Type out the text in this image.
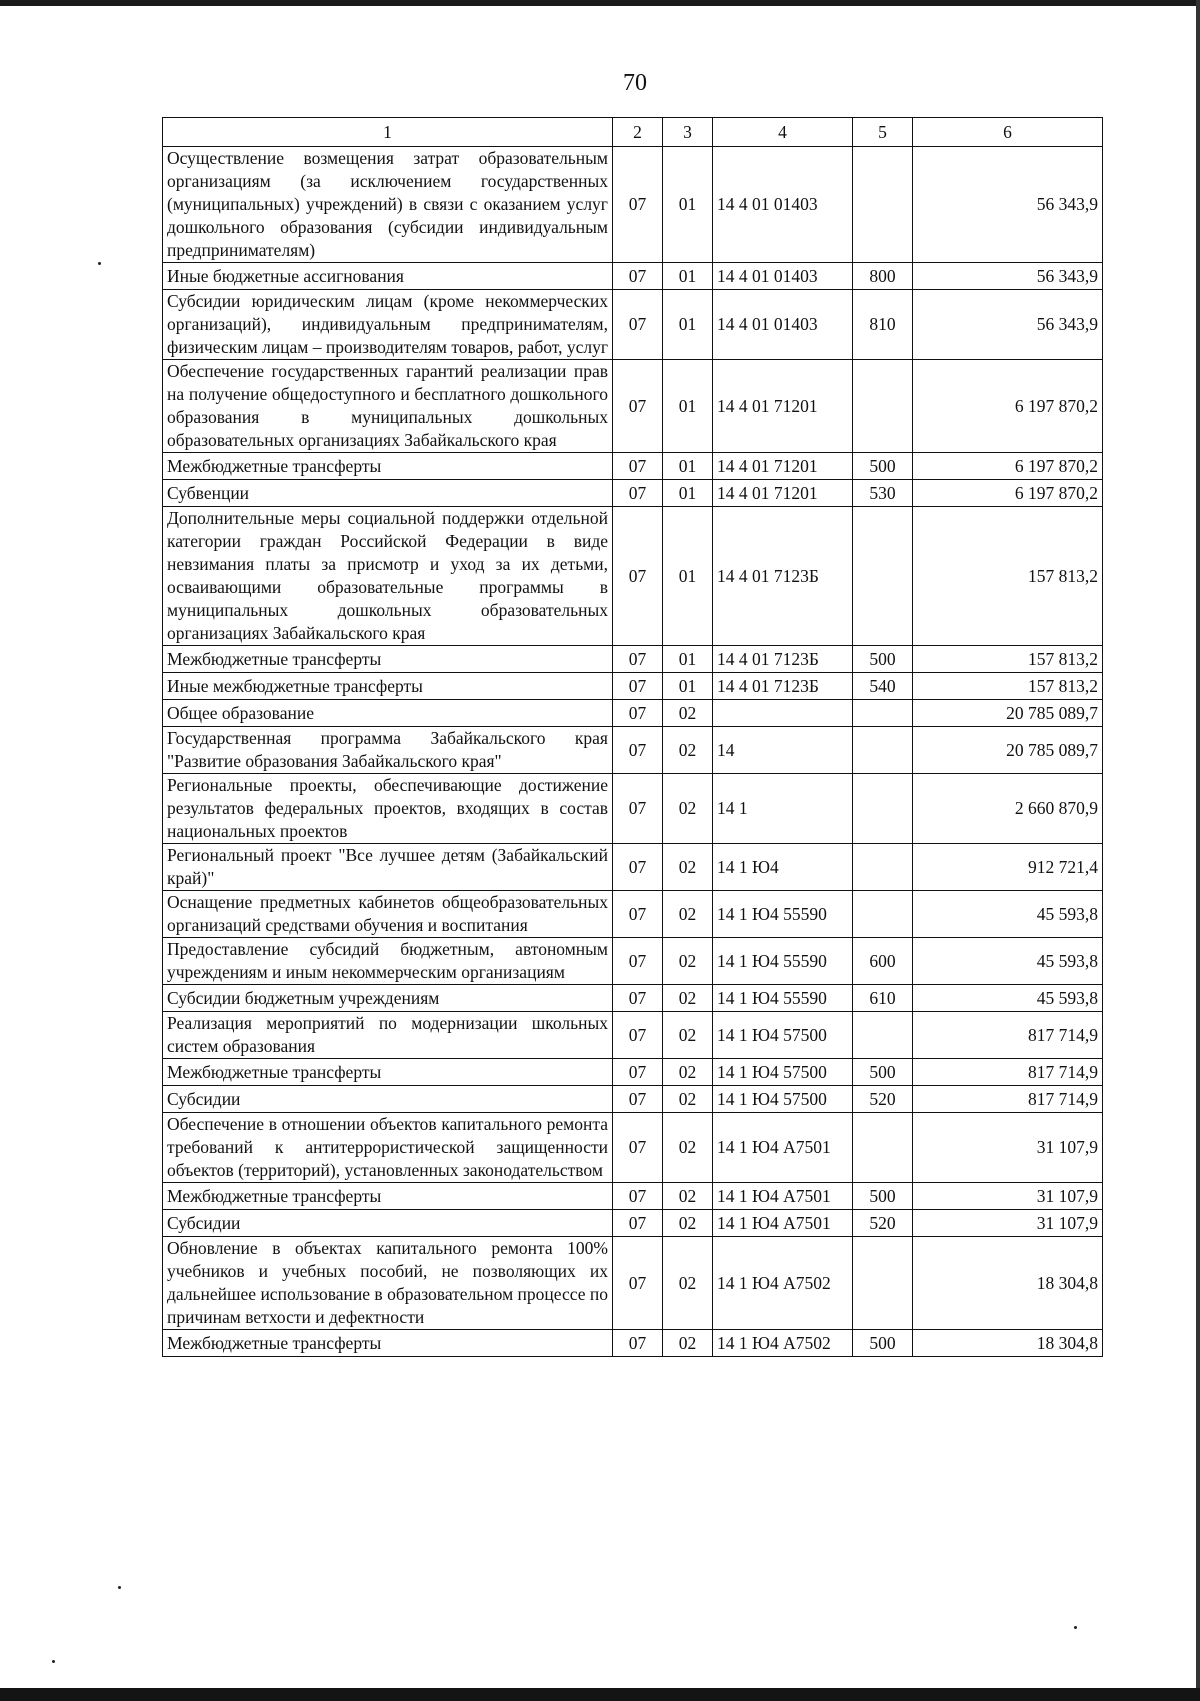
70
1	2	3	4	5	6
Осуществление возмещения затрат образовательным организациям (за исключением государственных (муниципальных) учреждений) в связи с оказанием услуг дошкольного образования (субсидии индивидуальным предпринимателям)	07	01	14 4 01 01403		56 343,9
Иные бюджетные ассигнования	07	01	14 4 01 01403	800	56 343,9
Субсидии юридическим лицам (кроме некоммерческих организаций), индивидуальным предпринимателям, физическим лицам – производителям товаров, работ, услуг	07	01	14 4 01 01403	810	56 343,9
Обеспечение государственных гарантий реализации прав на получение общедоступного и бесплатного дошкольного образования в муниципальных дошкольных образовательных организациях Забайкальского края	07	01	14 4 01 71201		6 197 870,2
Межбюджетные трансферты	07	01	14 4 01 71201	500	6 197 870,2
Субвенции	07	01	14 4 01 71201	530	6 197 870,2
Дополнительные меры социальной поддержки отдельной категории граждан Российской Федерации в виде невзимания платы за присмотр и уход за их детьми, осваивающими образовательные программы в муниципальных дошкольных образовательных организациях Забайкальского края	07	01	14 4 01 7123Б		157 813,2
Межбюджетные трансферты	07	01	14 4 01 7123Б	500	157 813,2
Иные межбюджетные трансферты	07	01	14 4 01 7123Б	540	157 813,2
Общее образование	07	02			20 785 089,7
Государственная программа Забайкальского края "Развитие образования Забайкальского края"	07	02	14		20 785 089,7
Региональные проекты, обеспечивающие достижение результатов федеральных проектов, входящих в состав национальных проектов	07	02	14 1		2 660 870,9
Региональный проект "Все лучшее детям (Забайкальский край)"	07	02	14 1 Ю4		912 721,4
Оснащение предметных кабинетов общеобразовательных организаций средствами обучения и воспитания	07	02	14 1 Ю4 55590		45 593,8
Предоставление субсидий бюджетным, автономным учреждениям и иным некоммерческим организациям	07	02	14 1 Ю4 55590	600	45 593,8
Субсидии бюджетным учреждениям	07	02	14 1 Ю4 55590	610	45 593,8
Реализация мероприятий по модернизации школьных систем образования	07	02	14 1 Ю4 57500		817 714,9
Межбюджетные трансферты	07	02	14 1 Ю4 57500	500	817 714,9
Субсидии	07	02	14 1 Ю4 57500	520	817 714,9
Обеспечение в отношении объектов капитального ремонта требований к антитеррористической защищенности объектов (территорий), установленных законодательством	07	02	14 1 Ю4 А7501		31 107,9
Межбюджетные трансферты	07	02	14 1 Ю4 А7501	500	31 107,9
Субсидии	07	02	14 1 Ю4 А7501	520	31 107,9
Обновление в объектах капитального ремонта 100% учебников и учебных пособий, не позволяющих их дальнейшее использование в образовательном процессе по причинам ветхости и дефектности	07	02	14 1 Ю4 А7502		18 304,8
Межбюджетные трансферты	07	02	14 1 Ю4 А7502	500	18 304,8
